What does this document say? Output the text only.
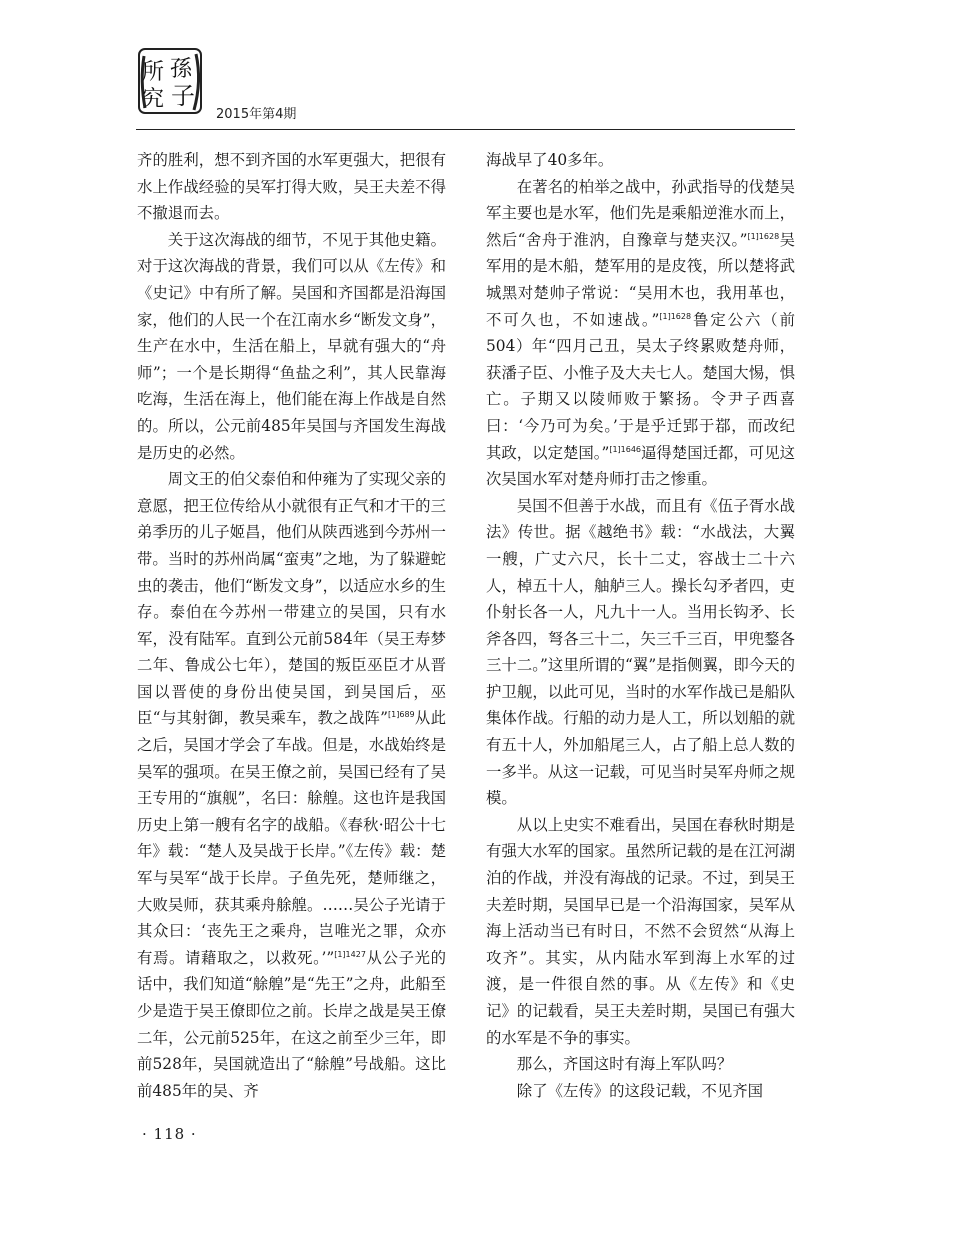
所
究
孫
子
2015年第4期

齐的胜利，想不到齐国的水军更强大，把很有水上作战经验的吴军打得大败，吴王夫差不得不撤退而去。

关于这次海战的细节，不见于其他史籍。对于这次海战的背景，我们可以从《左传》和《史记》中有所了解。吴国和齐国都是沿海国家，他们的人民一个在江南水乡“断发文身”，生产在水中，生活在船上，早就有强大的“舟师”；一个是长期得“鱼盐之利”，其人民靠海吃海，生活在海上，他们能在海上作战是自然的。所以，公元前485年吴国与齐国发生海战是历史的必然。

周文王的伯父泰伯和仲雍为了实现父亲的意愿，把王位传给从小就很有正气和才干的三弟季历的儿子姬昌，他们从陕西逃到今苏州一带。当时的苏州尚属“蛮夷”之地，为了躲避蛇虫的袭击，他们“断发文身”，以适应水乡的生存。泰伯在今苏州一带建立的吴国，只有水军，没有陆军。直到公元前584年（吴王寿梦二年、鲁成公七年），楚国的叛臣巫臣才从晋国以晋使的身份出使吴国，到吴国后，巫臣“与其射御，教吴乘车，教之战阵”$^{[1]689}$从此之后，吴国才学会了车战。但是，水战始终是吴军的强项。在吴王僚之前，吴国已经有了吴王专用的“旗舰”，名曰：艅艎。这也许是我国历史上第一艘有名字的战船。《春秋·昭公十七年》载：“楚人及吴战于长岸。”《左传》载：楚军与吴军“战于长岸。子鱼先死，楚师继之，大败吴师，获其乘舟艅艎。……吴公子光请于其众曰：‘丧先王之乘舟，岂唯光之罪，众亦有焉。请藉取之，以救死。’”$^{[1]1427}$从公子光的话中，我们知道“艅艎”是“先王”之舟，此船至少是造于吴王僚即位之前。长岸之战是吴王僚二年，公元前525年，在这之前至少三年，即前528年，吴国就造出了“艅艎”号战船。这比前485年的吴、齐

海战早了40多年。

在著名的柏举之战中，孙武指导的伐楚吴军主要也是水军，他们先是乘船逆淮水而上，然后“舍舟于淮汭，自豫章与楚夹汉。”$^{[1]1628}$吴军用的是木船，楚军用的是皮筏，所以楚将武城黑对楚帅子常说：“吴用木也，我用革也，不可久也，不如速战。”$^{[1]1628}$鲁定公六（前504）年“四月己丑，吴太子终累败楚舟师，获潘子臣、小惟子及大夫七人。楚国大惕，惧亡。子期又以陵师败于繁扬。令尹子西喜曰：‘今乃可为矣。’于是乎迁郢于鄀，而改纪其政，以定楚国。”$^{[1]1646}$逼得楚国迁都，可见这次吴国水军对楚舟师打击之惨重。

吴国不但善于水战，而且有《伍子胥水战法》传世。据《越绝书》载：“水战法，大翼一艘，广丈六尺，长十二丈，容战士二十六人，棹五十人，舳舻三人。操长勾矛者四，吏仆射长各一人，凡九十一人。当用长钩矛、长斧各四，弩各三十二，矢三千三百，甲兜鍪各三十二。”这里所谓的“翼”是指侧翼，即今天的护卫舰，以此可见，当时的水军作战已是船队集体作战。行船的动力是人工，所以划船的就有五十人，外加船尾三人，占了船上总人数的一多半。从这一记载，可见当时吴军舟师之规模。

从以上史实不难看出，吴国在春秋时期是有强大水军的国家。虽然所记载的是在江河湖泊的作战，并没有海战的记录。不过，到吴王夫差时期，吴国早已是一个沿海国家，吴军从海上活动当已有时日，不然不会贸然“从海上攻齐”。其实，从内陆水军到海上水军的过渡，是一件很自然的事。从《左传》和《史记》的记载看，吴王夫差时期，吴国已有强大的水军是不争的事实。

那么，齐国这时有海上军队吗？

除了《左传》的这段记载，不见齐国

· 118 ·
